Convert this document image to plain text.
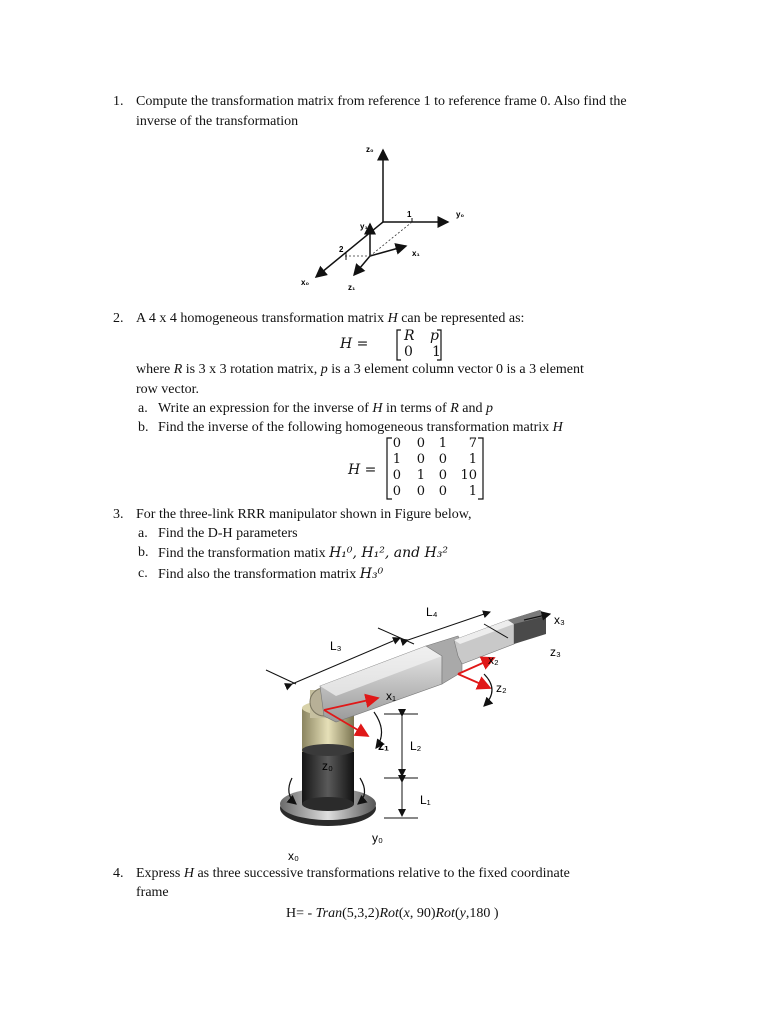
1. Compute the transformation matrix from reference 1 to reference frame 0. Also find the
inverse of the transformation
z₀
y₀
x₀
y₁
x₁
z₁
1
2
2. A 4 x 4 homogeneous transformation matrix H can be represented as:
H =	R p
0 1
where R is 3 x 3 rotation matrix, p is a 3 element column vector 0 is a 3 element
row vector.
a. Write an expression for the inverse of H in terms of R and p
b. Find the inverse of the following homogeneous transformation matrix H
H =
0 0 1 7
1 0 0 1
0 1 0 10
0 0 0 1
3. For the three-link RRR manipulator shown in Figure below,
a. Find the D-H parameters
b. Find the transformation matix H₁⁰, H₁², and H₃²
c. Find also the transformation matrix H₃⁰
L₄
L₃
L₂
L₁
x₃
z₃
x₂
z₂
x₁
z₁
z₀
y₀
x₀
4. Express H as three successive transformations relative to the fixed coordinate
frame
H= - Tran(5,3,2)Rot(x, 90)Rot(y,180 )
